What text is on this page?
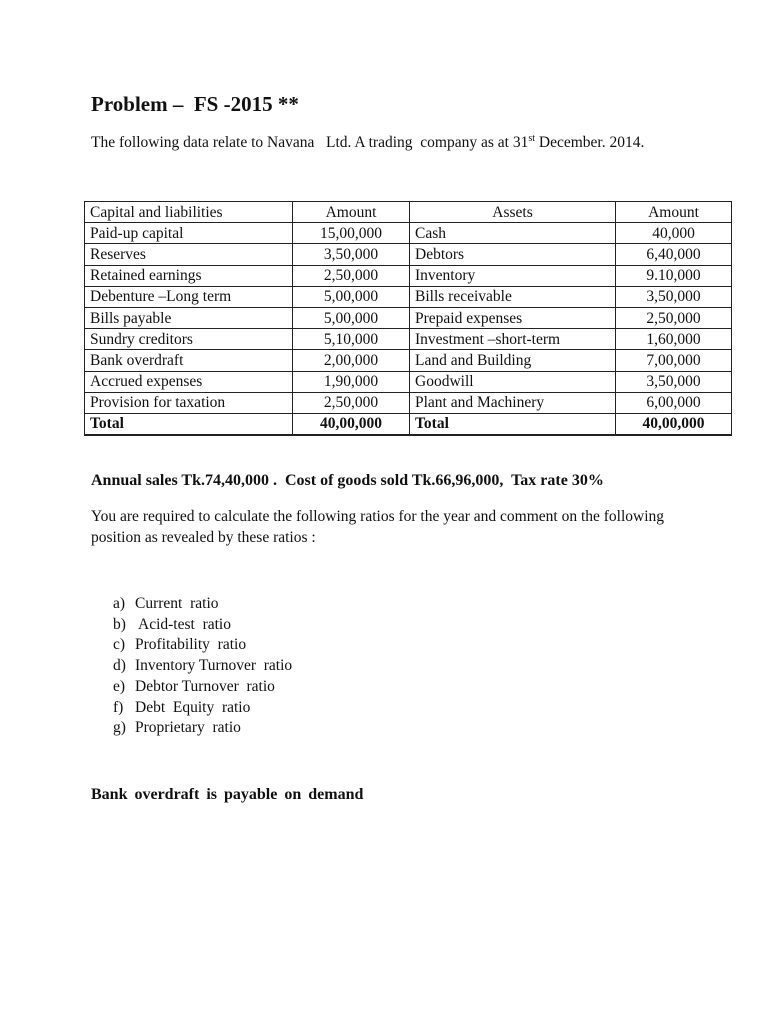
Problem –  FS -2015 **
The following data relate to Navana   Ltd. A trading  company as at 31st December. 2014.
Capital and liabilities	Amount	Assets	Amount
Paid-up capital	15,00,000	Cash	40,000
Reserves	3,50,000	Debtors	6,40,000
Retained earnings	2,50,000	Inventory	9.10,000
Debenture –Long term	5,00,000	Bills receivable	3,50,000
Bills payable	5,00,000	Prepaid expenses	2,50,000
Sundry creditors	5,10,000	Investment –short-term	1,60,000
Bank overdraft	2,00,000	Land and Building	7,00,000
Accrued expenses	1,90,000	Goodwill	3,50,000
Provision for taxation	2,50,000	Plant and Machinery	6,00,000
Total	40,00,000	Total	40,00,000
Annual sales Tk.74,40,000 .  Cost of goods sold Tk.66,96,000,  Tax rate 30%
You are required to calculate the following ratios for the year and comment on the following position as revealed by these ratios :
a) Current  ratio
b) Acid-test  ratio
c) Profitability  ratio
d) Inventory Turnover  ratio
e) Debtor Turnover  ratio
f) Debt  Equity  ratio
g) Proprietary  ratio
Bank overdraft is payable on demand
